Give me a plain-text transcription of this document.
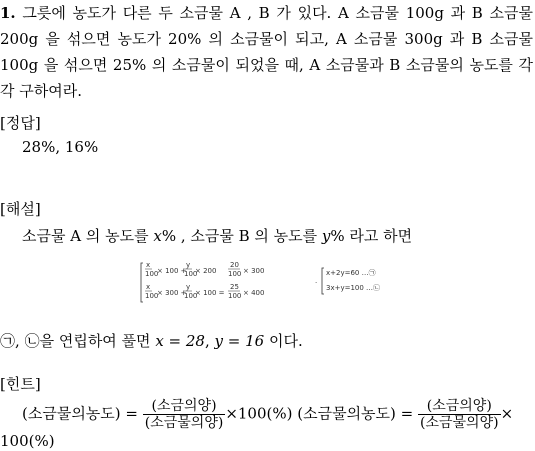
1. 그릇에 농도가 다른 두 소금물 A , B 가 있다. A 소금물 100g 과 B 소금물 200g 을 섞으면 농도가 20% 의 소금물이 되고, A 소금물 300g 과 B 소금물 100g 을 섞으면 25% 의 소금물이 되었을 때, A 소금물과 B 소금물의 농도를 각각 구하여라.
[정답]
28%, 16%
[해설]
소금물 A 의 농도를 x% , 소금물 B 의 농도를 y% 라고 하면
x
100
× 100 +
y
100
× 200
20
100 × 300
x
100
× 300 +
y
100
× 100 =
25
100 × 400
·
x+2y=60 …㉠
3x+y=100 …㉡
㉠, ㉡을 연립하여 풀면 x = 28, y = 16 이다.
[힌트]
(소금물의농도) = $\frac{\text{(소금의양)}}{\text{(소금물의양)}} \times 100(\%)$ (소금물의농도) = $\frac{\text{(소금의양)}}{\text{(소금물의양)}}$ ×
100(%)
